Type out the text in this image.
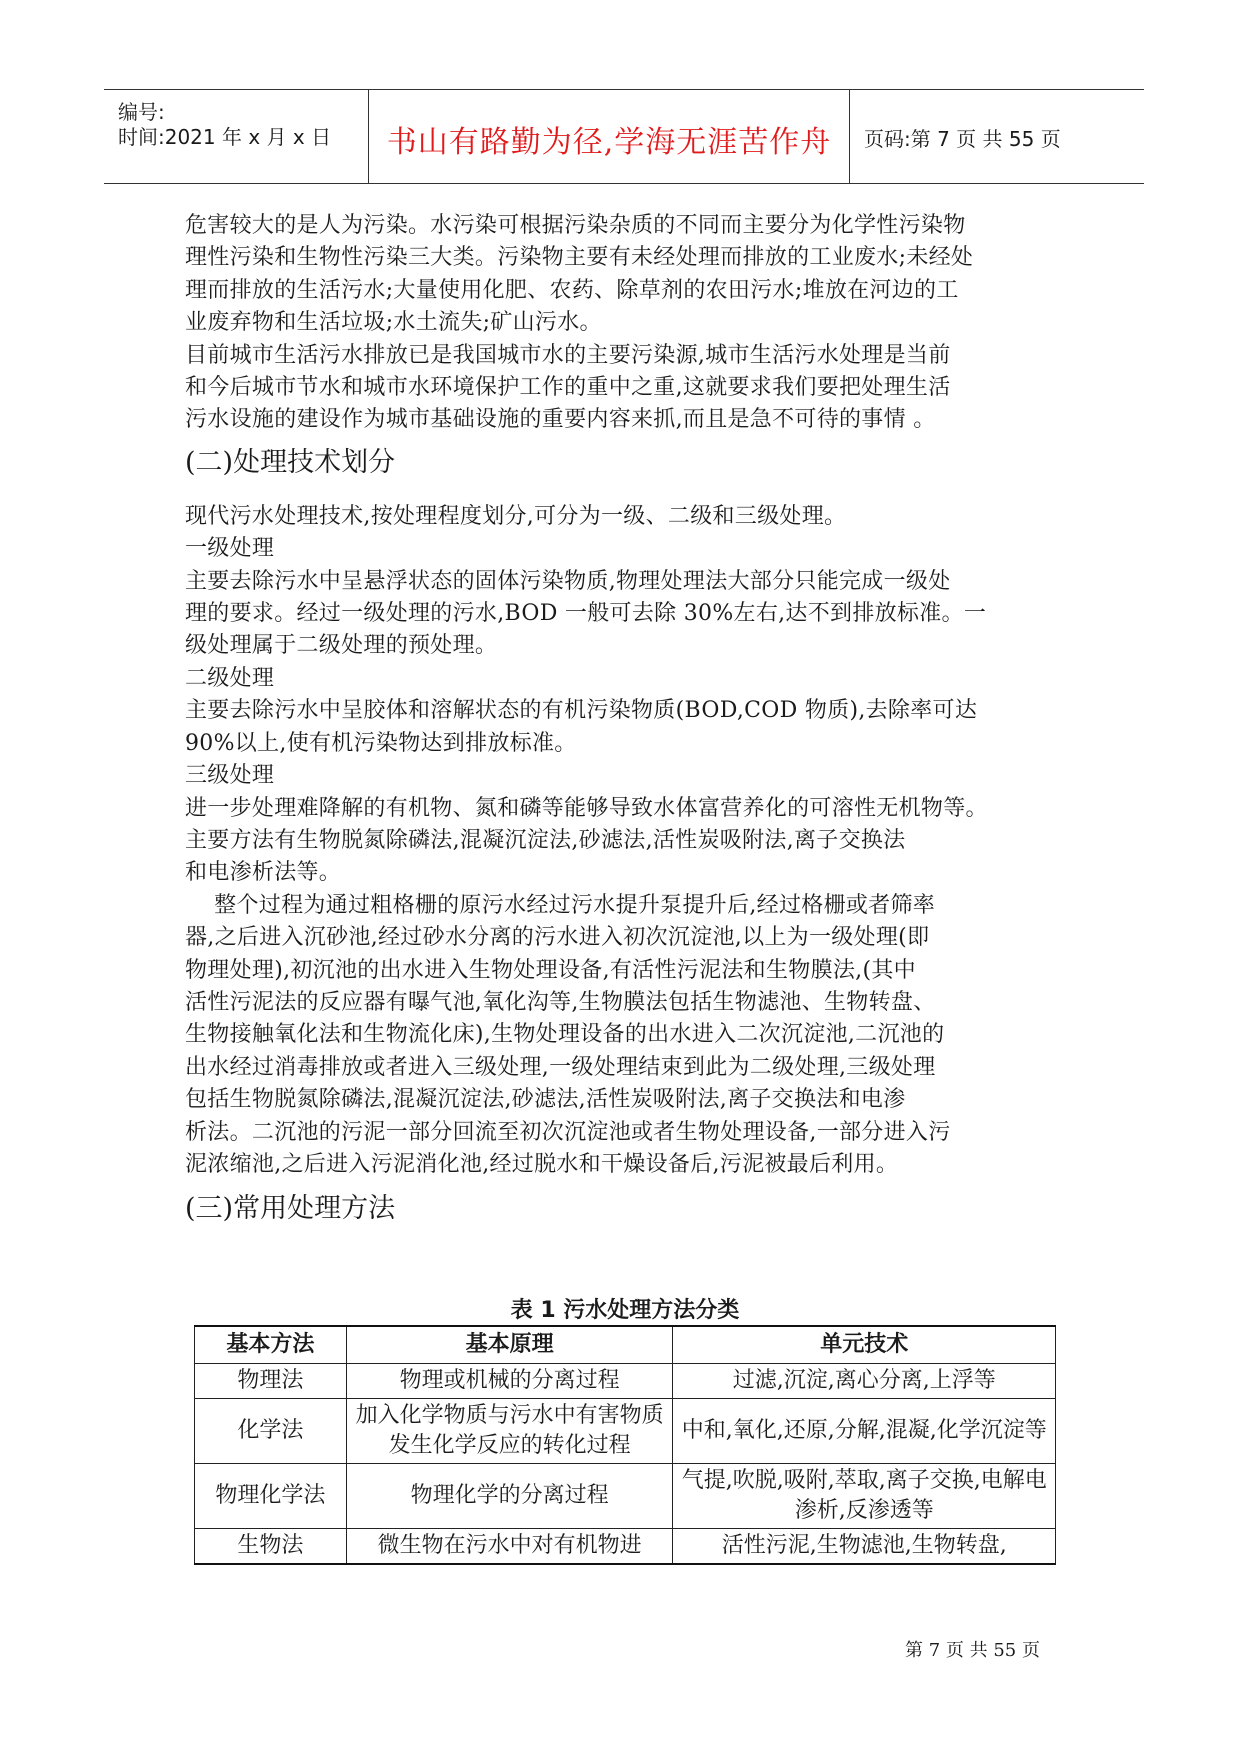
编号:
时间:2021 年 x 月 x 日	书山有路勤为径,学海无涯苦作舟	页码:第 7 页 共 55 页
危害较大的是人为污染。水污染可根据污染杂质的不同而主要分为化学性污染物
理性污染和生物性污染三大类。污染物主要有未经处理而排放的工业废水;未经处
理而排放的生活污水;大量使用化肥、农药、除草剂的农田污水;堆放在河边的工
业废弃物和生活垃圾;水土流失;矿山污水。
目前城市生活污水排放已是我国城市水的主要污染源,城市生活污水处理是当前
和今后城市节水和城市水环境保护工作的重中之重,这就要求我们要把处理生活
污水设施的建设作为城市基础设施的重要内容来抓,而且是急不可待的事情 。
(二)处理技术划分
现代污水处理技术,按处理程度划分,可分为一级、二级和三级处理。
一级处理
主要去除污水中呈悬浮状态的固体污染物质,物理处理法大部分只能完成一级处
理的要求。经过一级处理的污水,BOD 一般可去除 30%左右,达不到排放标准。一
级处理属于二级处理的预处理。
二级处理
主要去除污水中呈胶体和溶解状态的有机污染物质(BOD,COD 物质),去除率可达
90%以上,使有机污染物达到排放标准。
三级处理
进一步处理难降解的有机物、氮和磷等能够导致水体富营养化的可溶性无机物等。
主要方法有生物脱氮除磷法,混凝沉淀法,砂滤法,活性炭吸附法,离子交换法
和电渗析法等。
整个过程为通过粗格栅的原污水经过污水提升泵提升后,经过格栅或者筛率
器,之后进入沉砂池,经过砂水分离的污水进入初次沉淀池,以上为一级处理(即
物理处理),初沉池的出水进入生物处理设备,有活性污泥法和生物膜法,(其中
活性污泥法的反应器有曝气池,氧化沟等,生物膜法包括生物滤池、生物转盘、
生物接触氧化法和生物流化床),生物处理设备的出水进入二次沉淀池,二沉池的
出水经过消毒排放或者进入三级处理,一级处理结束到此为二级处理,三级处理
包括生物脱氮除磷法,混凝沉淀法,砂滤法,活性炭吸附法,离子交换法和电渗
析法。二沉池的污泥一部分回流至初次沉淀池或者生物处理设备,一部分进入污
泥浓缩池,之后进入污泥消化池,经过脱水和干燥设备后,污泥被最后利用。
(三)常用处理方法
表 1 污水处理方法分类
基本方法	基本原理	单元技术
物理法	物理或机械的分离过程	过滤,沉淀,离心分离,上浮等
化学法	加入化学物质与污水中有害物质发生化学反应的转化过程	中和,氧化,还原,分解,混凝,化学沉淀等
物理化学法	物理化学的分离过程	气提,吹脱,吸附,萃取,离子交换,电解电渗析,反渗透等
生物法	微生物在污水中对有机物进	活性污泥,生物滤池,生物转盘,
第 7 页 共 55 页
